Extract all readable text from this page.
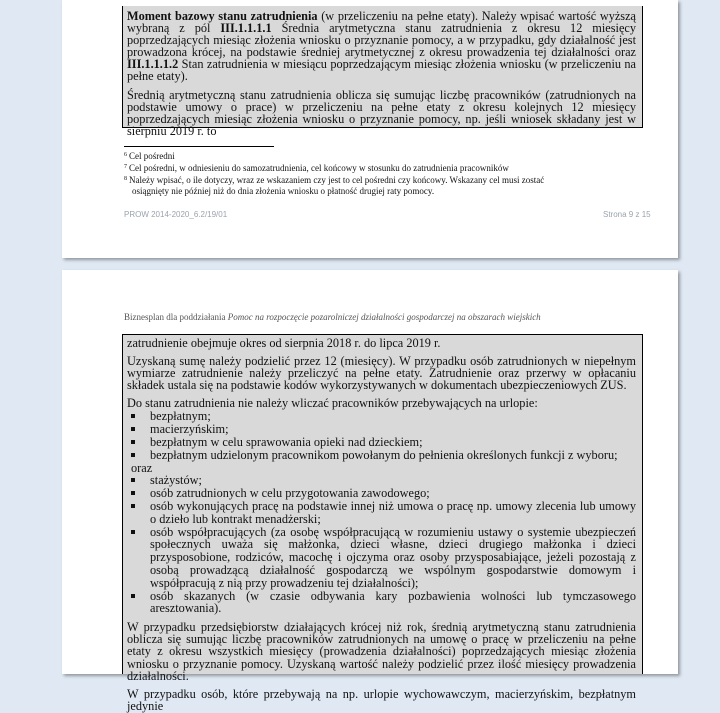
Moment bazowy stanu zatrudnienia (w przeliczeniu na pełne etaty). Należy wpisać wartość wyższą wybraną z pól III.1.1.1.1 Średnia arytmetyczna stanu zatrudnienia z okresu 12 miesięcy poprzedzających miesiąc złożenia wniosku o przyznanie pomocy, a w przypadku, gdy działalność jest prowadzona krócej, na podstawie średniej arytmetycznej z okresu prowadzenia tej działalności oraz III.1.1.1.2 Stan zatrudnienia w miesiącu poprzedzającym miesiąc złożenia wniosku (w przeliczeniu na pełne etaty).

Średnią arytmetyczną stanu zatrudnienia oblicza się sumując liczbę pracowników (zatrudnionych na podstawie umowy o prace) w przeliczeniu na pełne etaty z okresu kolejnych 12 miesięcy poprzedzających miesiąc złożenia wniosku o przyznanie pomocy, np. jeśli wniosek składany jest w sierpniu 2019 r. to

$^6$ Cel pośredni

$^7$ Cel pośredni, w odniesieniu do samozatrudnienia, cel końcowy w stosunku do zatrudnienia pracowników

$^8$ Należy wpisać, o ile dotyczy, wraz ze wskazaniem czy jest to cel pośredni czy końcowy. Wskazany cel musi zostać

osiągnięty nie później niż do dnia złożenia wniosku o płatność drugiej raty pomocy.

PROW 2014-2020_6.2/19/01	Strona 9 z 15
Biznesplan dla poddziałania Pomoc na rozpoczęcie pozarolniczej działalności gospodarczej na obszarach wiejskich

zatrudnienie obejmuje okres od sierpnia 2018 r. do lipca 2019 r.

Uzyskaną sumę należy podzielić przez 12 (miesięcy). W przypadku osób zatrudnionych w niepełnym wymiarze zatrudnienie należy przeliczyć na pełne etaty. Zatrudnienie oraz przerwy w opłacaniu składek ustala się na podstawie kodów wykorzystywanych w dokumentach ubezpieczeniowych ZUS.

Do stanu zatrudnienia nie należy wliczać pracowników przebywających na urlopie:

bezpłatnym;
macierzyńskim;
bezpłatnym w celu sprawowania opieki nad dzieckiem;
bezpłatnym udzielonym pracownikom powołanym do pełnienia określonych funkcji z wyboru;
oraz
stażystów;
osób zatrudnionych w celu przygotowania zawodowego;
osób wykonujących pracę na podstawie innej niż umowa o pracę np. umowy zlecenia lub umowy o dzieło lub kontrakt menadżerski;
osób współpracujących (za osobę współpracującą w rozumieniu ustawy o systemie ubezpieczeń społecznych uważa się małżonka, dzieci własne, dzieci drugiego małżonka i dzieci przysposobione, rodziców, macochę i ojczyma oraz osoby przysposabiające, jeżeli pozostają z osobą prowadzącą działalność gospodarczą we wspólnym gospodarstwie domowym i współpracują z nią przy prowadzeniu tej działalności);
osób skazanych (w czasie odbywania kary pozbawienia wolności lub tymczasowego aresztowania).

W przypadku przedsiębiorstw działających krócej niż rok, średnią arytmetyczną stanu zatrudnienia oblicza się sumując liczbę pracowników zatrudnionych na umowę o pracę w przeliczeniu na pełne etaty z okresu wszystkich miesięcy (prowadzenia działalności) poprzedzających miesiąc złożenia wniosku o przyznanie pomocy. Uzyskaną wartość należy podzielić przez ilość miesięcy prowadzenia działalności.

W przypadku osób, które przebywają na np. urlopie wychowawczym, macierzyńskim, bezpłatnym jedynie
